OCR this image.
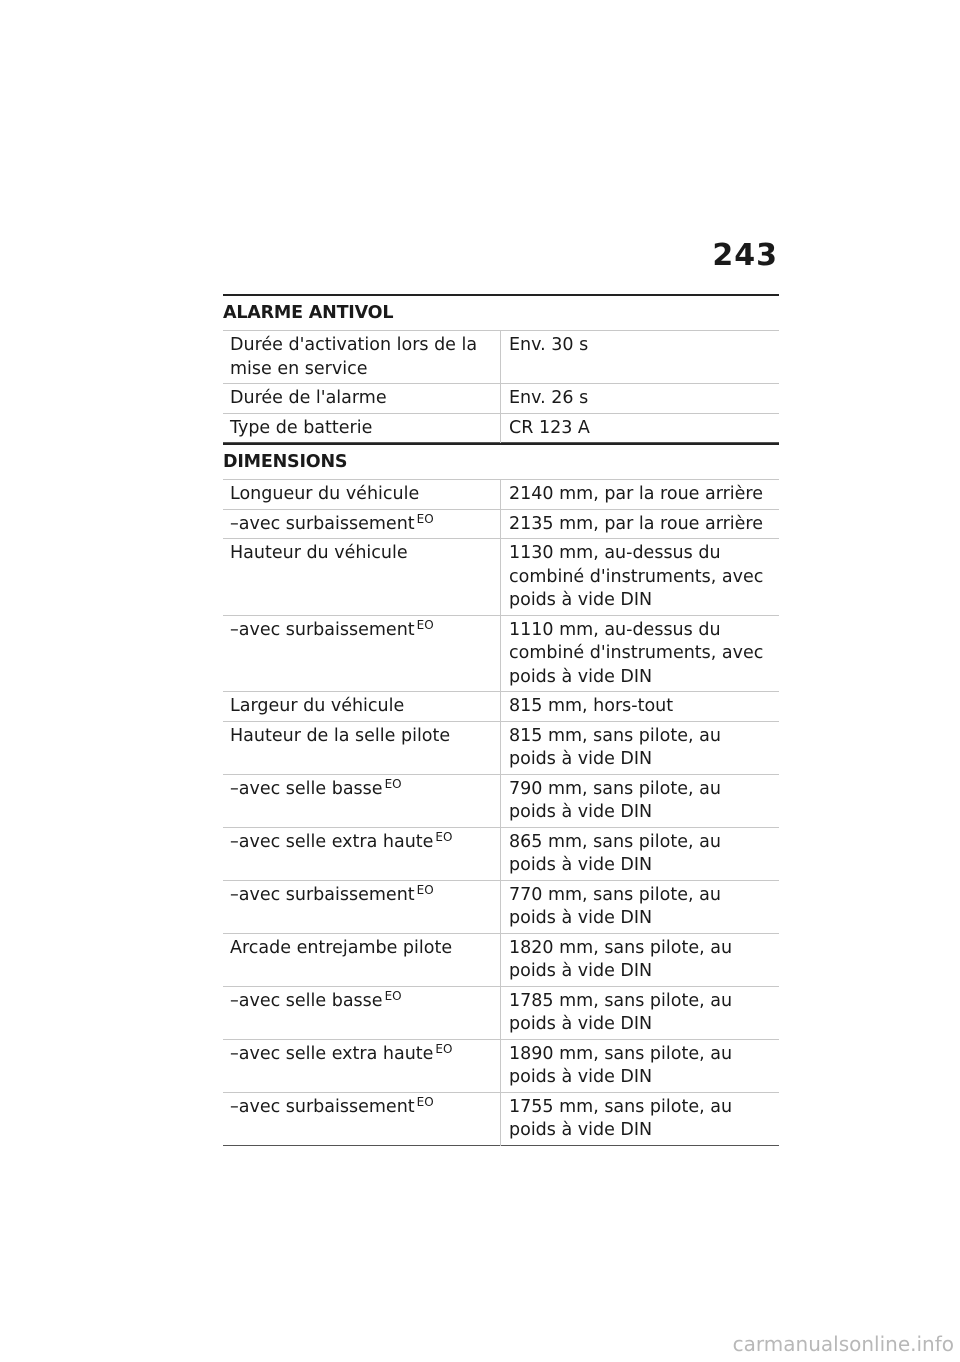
243
ALARME ANTIVOL
Durée d'activation lors de la mise en service	Env. 30 s
Durée de l'alarme	Env. 26 s
Type de batterie	CR 123 A
DIMENSIONS
Longueur du véhicule	2140 mm, par la roue arrière
–avec surbaissement $^{EO}$	2135 mm, par la roue arrière
Hauteur du véhicule	1130 mm, au-dessus du combiné d'instruments, avec poids à vide DIN
–avec surbaissement $^{EO}$	1110 mm, au-dessus du combiné d'instruments, avec poids à vide DIN
Largeur du véhicule	815 mm, hors-tout
Hauteur de la selle pilote	815 mm, sans pilote, au poids à vide DIN
–avec selle basse $^{EO}$	790 mm, sans pilote, au poids à vide DIN
–avec selle extra haute $^{EO}$	865 mm, sans pilote, au poids à vide DIN
–avec surbaissement $^{EO}$	770 mm, sans pilote, au poids à vide DIN
Arcade entrejambe pilote	1820 mm, sans pilote, au poids à vide DIN
–avec selle basse $^{EO}$	1785 mm, sans pilote, au poids à vide DIN
–avec selle extra haute $^{EO}$	1890 mm, sans pilote, au poids à vide DIN
–avec surbaissement $^{EO}$	1755 mm, sans pilote, au poids à vide DIN
carmanualsonline.info
